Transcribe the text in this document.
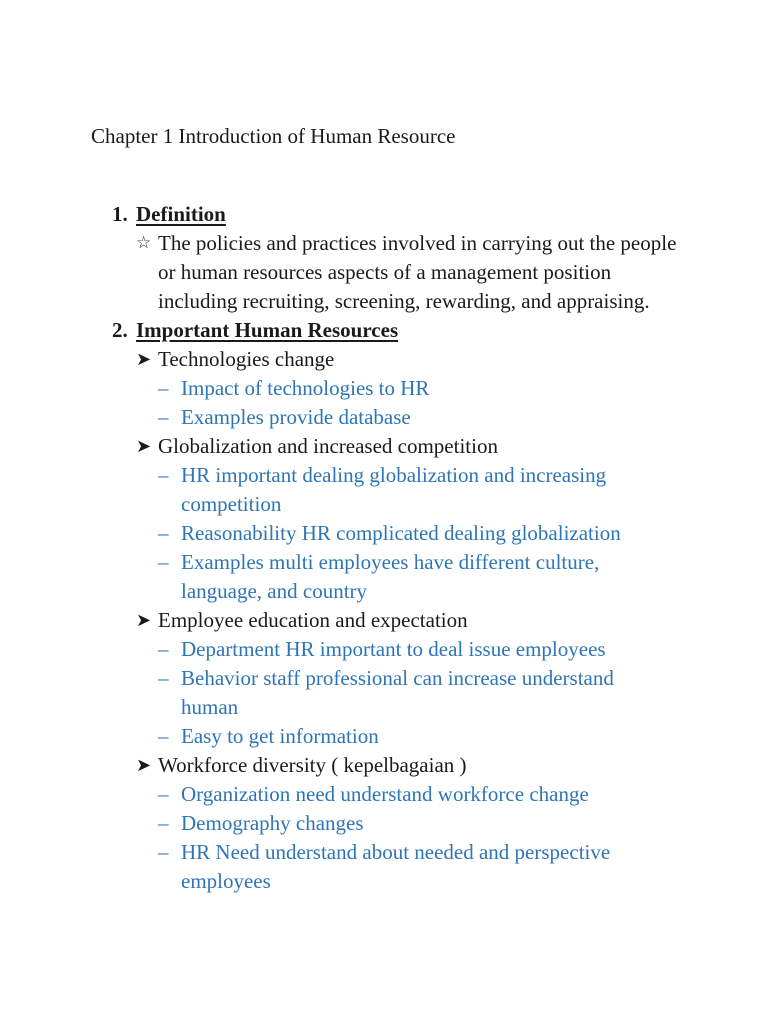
Chapter 1 Introduction of Human Resource
1. Definition
☆ The policies and practices involved in carrying out the people or human resources aspects of a management position including recruiting, screening, rewarding, and appraising.
2. Important Human Resources
➤ Technologies change
– Impact of technologies to HR
– Examples provide database
➤ Globalization and increased competition
– HR important dealing globalization and increasing competition
– Reasonability HR complicated dealing globalization
– Examples multi employees have different culture, language, and country
➤ Employee education and expectation
– Department HR important to deal issue employees
– Behavior staff professional can increase understand human
– Easy to get information
➤ Workforce diversity ( kepelbagaian )
– Organization need understand workforce change
– Demography changes
– HR Need understand about needed and perspective employees
